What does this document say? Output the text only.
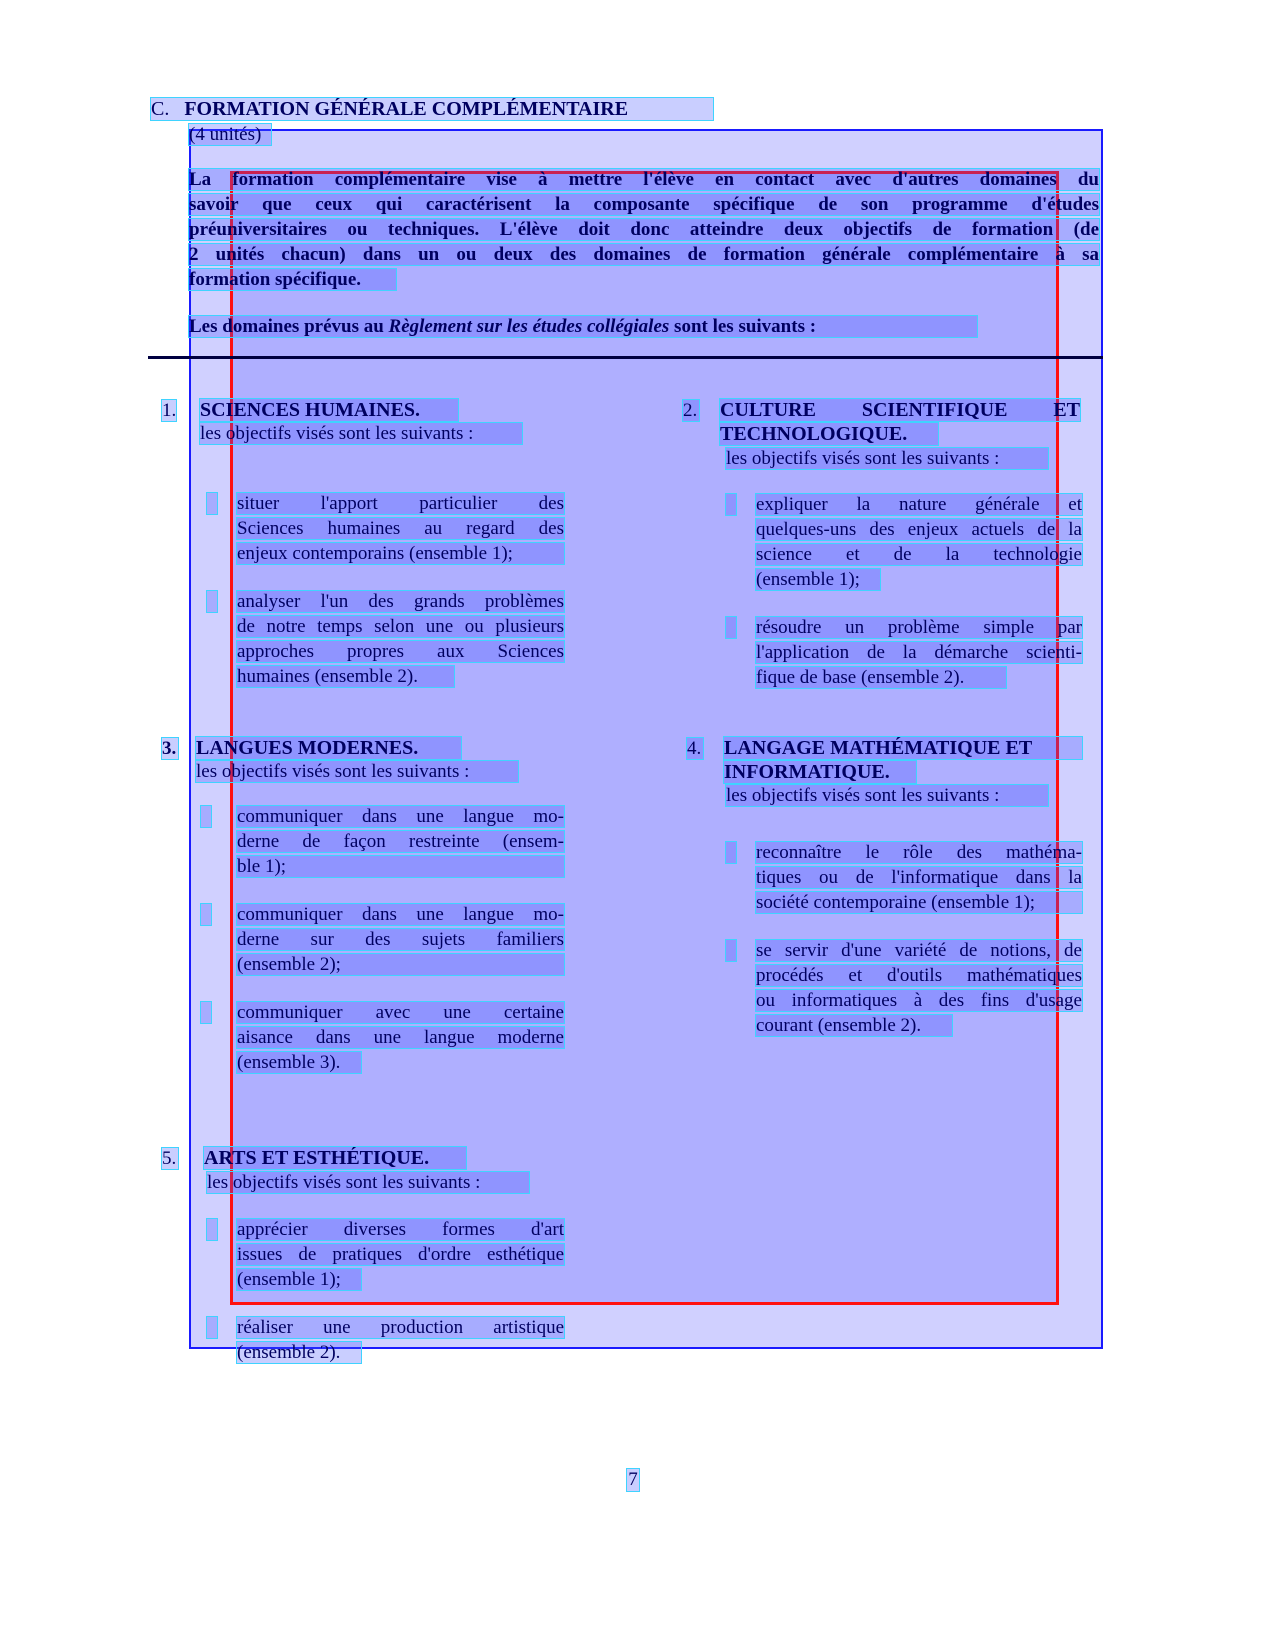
C. FORMATION GÉNÉRALE COMPLÉMENTAIRE
(4 unités)
La formation complémentaire vise à mettre l'élève en contact avec d'autres domaines du
savoir que ceux qui caractérisent la composante spécifique de son programme d'études
préuniversitaires ou techniques. L'élève doit donc atteindre deux objectifs de formation (de
2 unités chacun) dans un ou deux des domaines de formation générale complémentaire à sa
formation spécifique.
Les domaines prévus au Règlement sur les études collégiales sont les suivants :
1. SCIENCES HUMAINES.
les objectifs visés sont les suivants :
situer l'apport particulier des
Sciences humaines au regard des
enjeux contemporains (ensemble 1);
analyser l'un des grands problèmes
de notre temps selon une ou plusieurs
approches propres aux Sciences
humaines (ensemble 2).
2. CULTURE SCIENTIFIQUE ET
TECHNOLOGIQUE.
les objectifs visés sont les suivants :
expliquer la nature générale et
quelques-uns des enjeux actuels de la
science et de la technologie
(ensemble 1);
résoudre un problème simple par
l'application de la démarche scienti-
fique de base (ensemble 2).
3. LANGUES MODERNES.
les objectifs visés sont les suivants :
communiquer dans une langue mo-
derne de façon restreinte (ensem-
ble 1);
communiquer dans une langue mo-
derne sur des sujets familiers
(ensemble 2);
communiquer avec une certaine
aisance dans une langue moderne
(ensemble 3).
4. LANGAGE MATHÉMATIQUE ET
INFORMATIQUE.
les objectifs visés sont les suivants :
reconnaître le rôle des mathéma-
tiques ou de l'informatique dans la
société contemporaine (ensemble 1);
se servir d'une variété de notions, de
procédés et d'outils mathématiques
ou informatiques à des fins d'usage
courant (ensemble 2).
5. ARTS ET ESTHÉTIQUE.
les objectifs visés sont les suivants :
apprécier diverses formes d'art
issues de pratiques d'ordre esthétique
(ensemble 1);
réaliser une production artistique
(ensemble 2).
7
